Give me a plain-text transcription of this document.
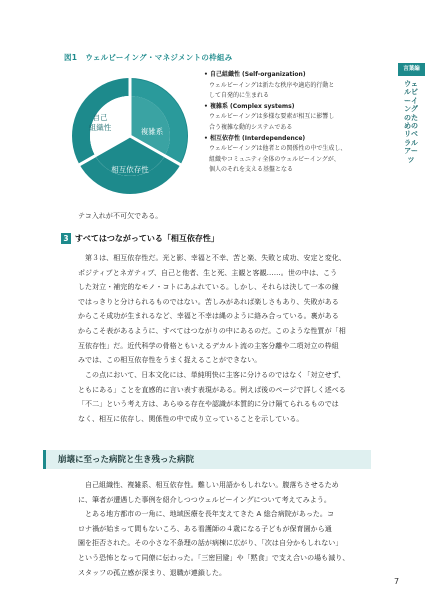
図1 ウェルビーイング・マネジメントの枠組み
自己組織性	複雑系
相互依存性
• 自己組織性 (Self-organization)
ウェルビーイングは新たな秩序や適応的行動と
して自発的に生まれる
• 複雑系 (Complex systems)
ウェルビーイングは多様な要素が相互に影響し
合う複雑な動的システムである
• 相互依存性 (Interdependence)
ウェルビーイングは他者との関係性の中で生成し、
組織やコミュニティ全体のウェルビーイングが、
個人のそれを支える基盤となる
テコ入れが不可欠である。
3 すべてはつながっている「相互依存性」
第３は、相互依存性だ。光と影、幸福と不幸、苦と楽、失敗と成功、安定と変化、
ポジティブとネガティブ、自己と他者、生と死、主観と客観……。世の中は、こう
した対立・補完的なモノ・コトにあふれている。しかし、それらは決して一本の線
ではっきりと分けられるものではない。苦しみがあれば楽しさもあり、失敗がある
からこそ成功が生まれるなど、幸福と不幸は縄のように絡み合っている。裏がある
からこそ表があるように、すべてはつながりの中にあるのだ。このような性質が「相
互依存性」だ。近代科学の骨格ともいえるデカルト流の主客分離や二項対立の枠組
みでは、この相互依存性をうまく捉えることができない。
この点において、日本文化には、単純明快に主客に分けるのではなく「対立せず、
ともにある」ことを直感的に言い表す表現がある。例えば後のページで詳しく述べる
「不二」という考え方は、あらゆる存在や認識が本質的に分け隔てられるものでは
なく、相互に依存し、関係性の中で成り立っていることを示している。
崩壊に至った病院と生き残った病院
自己組織性、複雑系、相互依存性。難しい用語かもしれない。腹落ちさせるため
に、筆者が遭遇した事例を紹介しつつウェルビーイングについて考えてみよう。
とある地方都市の一角に、地域医療を長年支えてきた A 総合病院があった。コ
ロナ禍が始まって間もないころ、ある看護師の４歳になる子どもが保育園から通
園を拒否された。その小さな不条理の話が病棟に広がり、「次は自分かもしれない」
という恐怖となって同僚に伝わった。「三密回避」や「黙食」で支え合いの場も減り、
スタッフの孤立感が深まり、退職が連鎖した。
言葉編
ウェルビーイングのためのリベラルアーツ
7
